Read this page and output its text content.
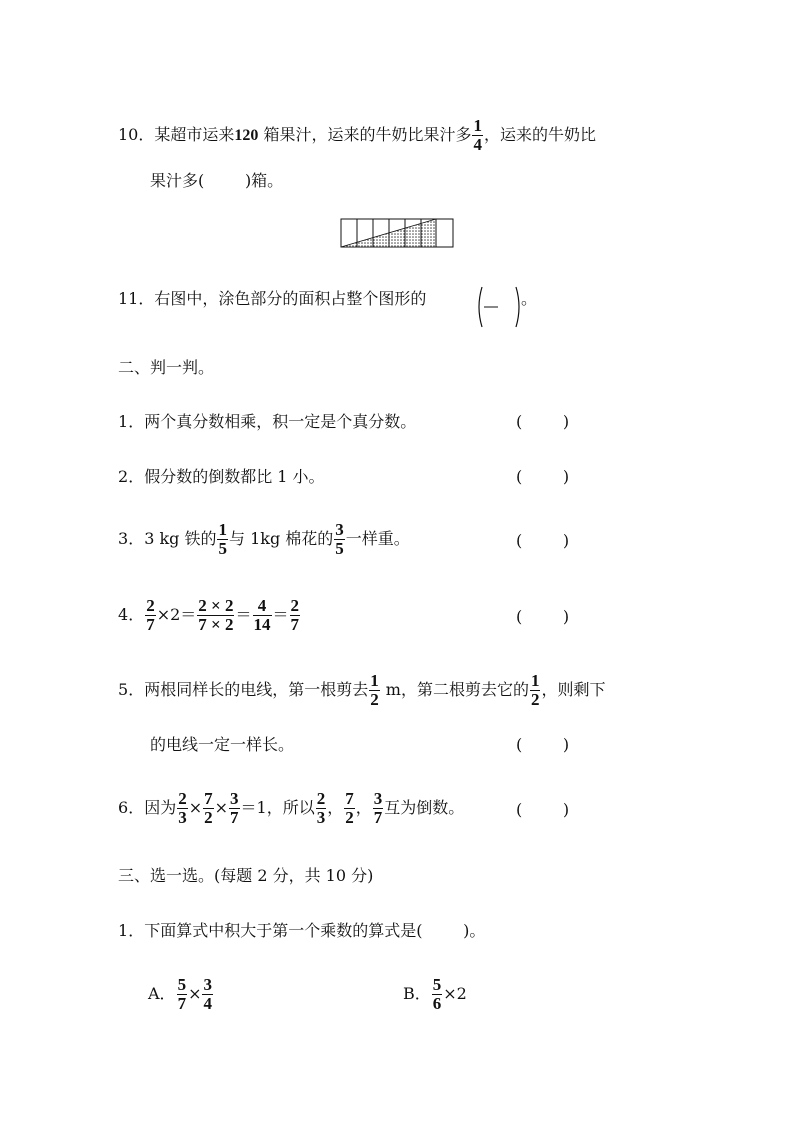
10．某超市运来120 箱果汁，运来的牛奶比果汁多 $\frac{1}{4}$ ，运来的牛奶比
果汁多(	)箱。
11．右图中，涂色部分的面积占整个图形的	。
二、判一判。
1．两个真分数相乘，积一定是个真分数。	(        )
2．假分数的倒数都比 1 小。	(        )
3．3 kg 铁的 $\frac{1}{5}$ 与 1kg 棉花的 $\frac{3}{5}$ 一样重。	(        )
4． $\frac{2}{7} \times 2= \frac{2 \times 2}{7 \times 2} = \frac{4}{14} = \frac{2}{7}$	(        )
5．两根同样长的电线，第一根剪去 $\frac{1}{2}$ m，第二根剪去它的 $\frac{1}{2}$ ，则剩下
的电线一定一样长。	(        )
6．因为 $\frac{2}{3} \times \frac{7}{2} \times \frac{3}{7} =1$，所以 $\frac{2}{3}$ ， $\frac{7}{2}$ ， $\frac{3}{7}$ 互为倒数。	(        )
三、选一选。(每题 2 分，共 10 分)
1．下面算式中积大于第一个乘数的算式是(	)。
A． $\frac{5}{7} \times \frac{3}{4}$	B． $\frac{5}{6} \times 2$
